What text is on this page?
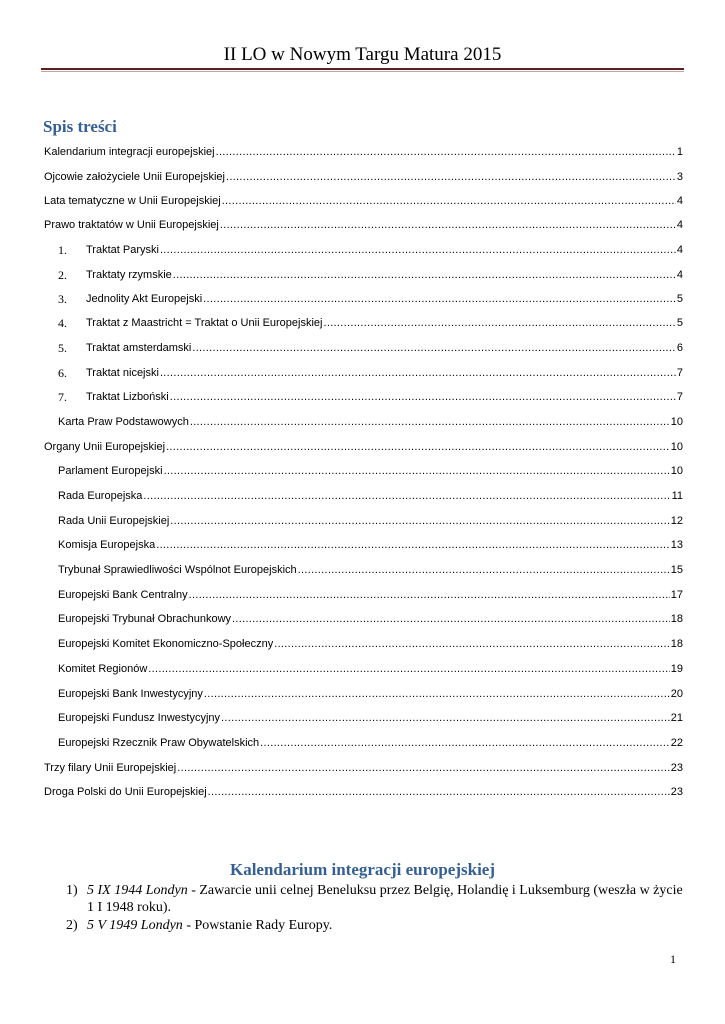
II LO w Nowym Targu Matura 2015
Spis treści
Kalendarium integracji europejskiej .....	1
Ojcowie założyciele Unii Europejskiej .....	3
Lata tematyczne w Unii Europejskiej .....	4
Prawo traktatów w Unii Europejskiej .....	4
1.	Traktat Paryski .....	4
2.	Traktaty rzymskie .....	4
3.	Jednolity Akt Europejski .....	5
4.	Traktat z Maastricht = Traktat o Unii Europejskiej .....	5
5.	Traktat amsterdamski .....	6
6.	Traktat nicejski .....	7
7.	Traktat Lizboński .....	7
Karta Praw Podstawowych .....	10
Organy Unii Europejskiej .....	10
Parlament Europejski .....	10
Rada Europejska .....	11
Rada Unii Europejskiej .....	12
Komisja Europejska .....	13
Trybunał Sprawiedliwości Wspólnot Europejskich .....	15
Europejski Bank Centralny .....	17
Europejski Trybunał Obrachunkowy .....	18
Europejski Komitet Ekonomiczno-Społeczny .....	18
Komitet Regionów .....	19
Europejski Bank Inwestycyjny .....	20
Europejski Fundusz Inwestycyjny .....	21
Europejski Rzecznik Praw Obywatelskich .....	22
Trzy filary Unii Europejskiej .....	23
Droga Polski do Unii Europejskiej .....	23
Kalendarium integracji europejskiej
1) 5 IX 1944 Londyn - Zawarcie unii celnej Beneluksu przez Belgię, Holandię i Luksemburg (weszła w życie 1 I 1948 roku).
2) 5 V 1949 Londyn - Powstanie Rady Europy.
1
